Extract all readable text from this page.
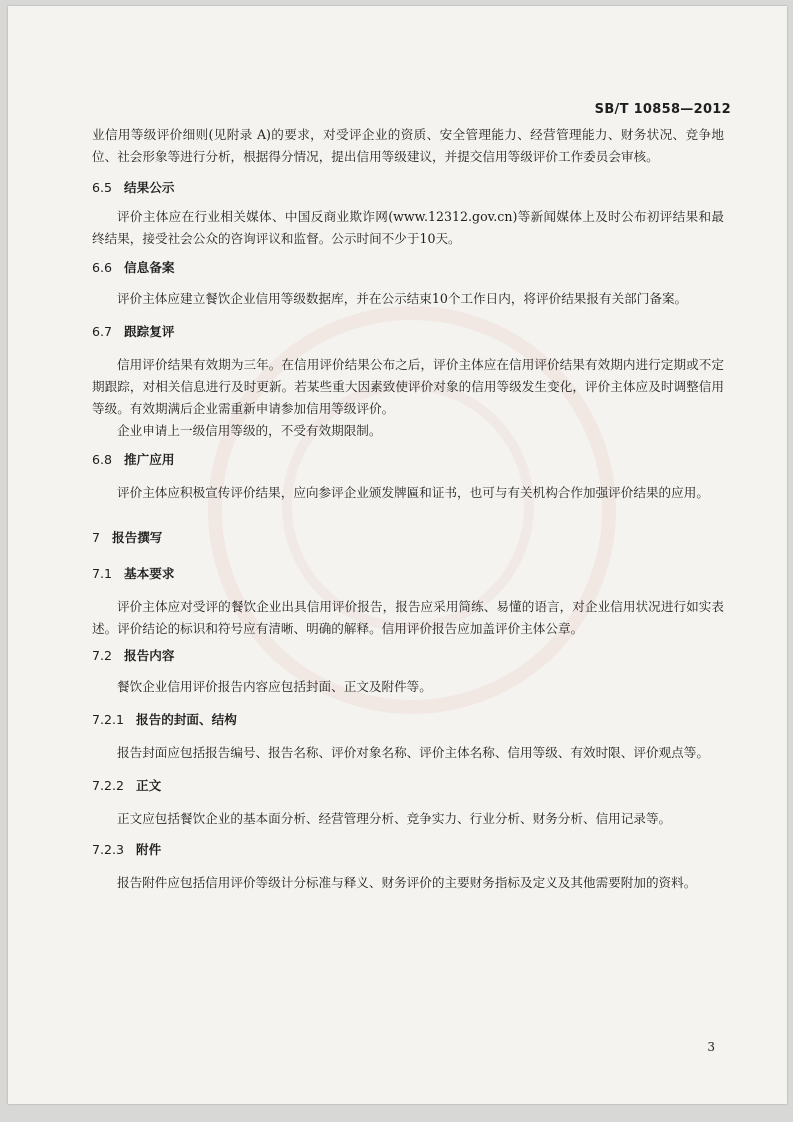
SB/T 10858—2012

业信用等级评价细则(见附录 A)的要求，对受评企业的资质、安全管理能力、经营管理能力、财务状况、竞争地位、社会形象等进行分析，根据得分情况，提出信用等级建议，并提交信用等级评价工作委员会审核。

6.5 结果公示

评价主体应在行业相关媒体、中国反商业欺诈网(www.12312.gov.cn)等新闻媒体上及时公布初评结果和最终结果，接受社会公众的咨询评议和监督。公示时间不少于10天。

6.6 信息备案

评价主体应建立餐饮企业信用等级数据库，并在公示结束10个工作日内，将评价结果报有关部门备案。

6.7 跟踪复评

信用评价结果有效期为三年。在信用评价结果公布之后，评价主体应在信用评价结果有效期内进行定期或不定期跟踪，对相关信息进行及时更新。若某些重大因素致使评价对象的信用等级发生变化，评价主体应及时调整信用等级。有效期满后企业需重新申请参加信用等级评价。

企业申请上一级信用等级的，不受有效期限制。

6.8 推广应用

评价主体应积极宣传评价结果，应向参评企业颁发牌匾和证书，也可与有关机构合作加强评价结果的应用。

7 报告撰写
7.1 基本要求

评价主体应对受评的餐饮企业出具信用评价报告，报告应采用简练、易懂的语言，对企业信用状况进行如实表述。评价结论的标识和符号应有清晰、明确的解释。信用评价报告应加盖评价主体公章。

7.2 报告内容

餐饮企业信用评价报告内容应包括封面、正文及附件等。

7.2.1 报告的封面、结构

报告封面应包括报告编号、报告名称、评价对象名称、评价主体名称、信用等级、有效时限、评价观点等。

7.2.2 正文

正文应包括餐饮企业的基本面分析、经营管理分析、竞争实力、行业分析、财务分析、信用记录等。

7.2.3 附件

报告附件应包括信用评价等级计分标准与释义、财务评价的主要财务指标及定义及其他需要附加的资料。

3
